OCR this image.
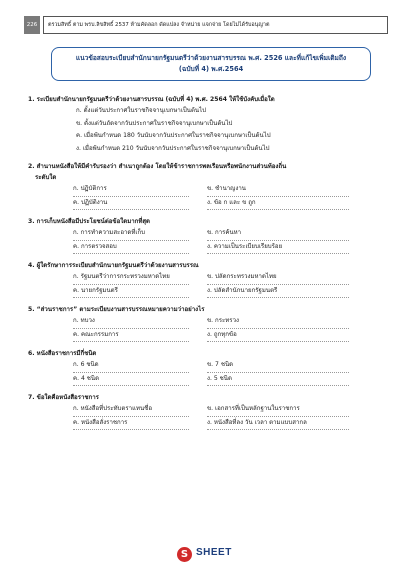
226	ตรวมสิทธิ์ ตาม พรบ.ลิขสิทธิ์ 2537 ห้ามคัดลอก ดัดแปลง จำหน่าย แจกจ่าย โดยไม่ได้รับอนุญาต
แนวข้อสอบระเบียบสำนักนายกรัฐมนตรีว่าด้วยงานสารบรรณ พ.ศ. 2526 และที่แก้ไขเพิ่มเติมถึง
(ฉบับที่ 4) พ.ศ.2564
1. ระเบียบสำนักนายกรัฐมนตรีว่าด้วยงานสารบรรณ (ฉบับที่ 4) พ.ศ. 2564 ให้ใช้บังคับเมื่อใด
ก. ตั้งแต่วันประกาศในราชกิจจานุเบกษาเป็นต้นไป
ข. ตั้งแต่วันถัดจากวันประกาศในราชกิจจานุเบกษาเป็นต้นไป
ค. เมื่อพ้นกำหนด 180 วันนับจากวันประกาศในราชกิจจานุเบกษาเป็นต้นไป
ง. เมื่อพ้นกำหนด 210 วันนับจากวันประกาศในราชกิจจานุเบกษาเป็นต้นไป
2. สำนานหนังสือให้มีคำรับรองว่า สำเนาถูกต้อง โดยให้ข้าราชการพลเรือนหรือพนักงานส่วนท้องถิ่น
ระดับใด
ก. ปฏิบัติการ	ข. ชำนาญงาน
ค. ปฏิบัติงาน	ง. ข้อ ก และ ข ถูก
3. การเก็บหนังสือมีประโยชน์ต่อข้อใดมากที่สุด
ก. การทำความสะอาดที่เก็บ	ข. การค้นหา
ค. การตรวจสอบ	ง. ความเป็นระเบียบเรียบร้อย
4. ผู้ใดรักษาการระเบียบสำนักนายกรัฐมนตรีว่าด้วยงานสารบรรณ
ก. รัฐมนตรีว่าการกระทรวงมหาดไทย	ข. ปลัดกระทรวงมหาดไทย
ค. นายกรัฐมนตรี	ง. ปลัดสำนักนายกรัฐมนตรี
5. “ส่วนราชการ” ตามระเบียบงานสารบรรณหมายความว่าอย่างไร
ก. ทบวง	ข. กระทรวง
ค. คณะกรรมการ	ง. ถูกทุกข้อ
6. หนังสือราชการมีกี่ชนิด
ก. 6 ชนิด	ข. 7 ชนิด
ค. 4 ชนิด	ง. 5 ชนิด
7. ข้อใดคือหนังสือราชการ
ก. หนังสือที่ประทับตราแทนชื่อ	ข. เอกสารที่เป็นหลักฐานในราชการ
ค. หนังสือสั่งราชการ	ง. หนังสือที่ลง วัน เวลา ตามแบบสากล
S SHEET
